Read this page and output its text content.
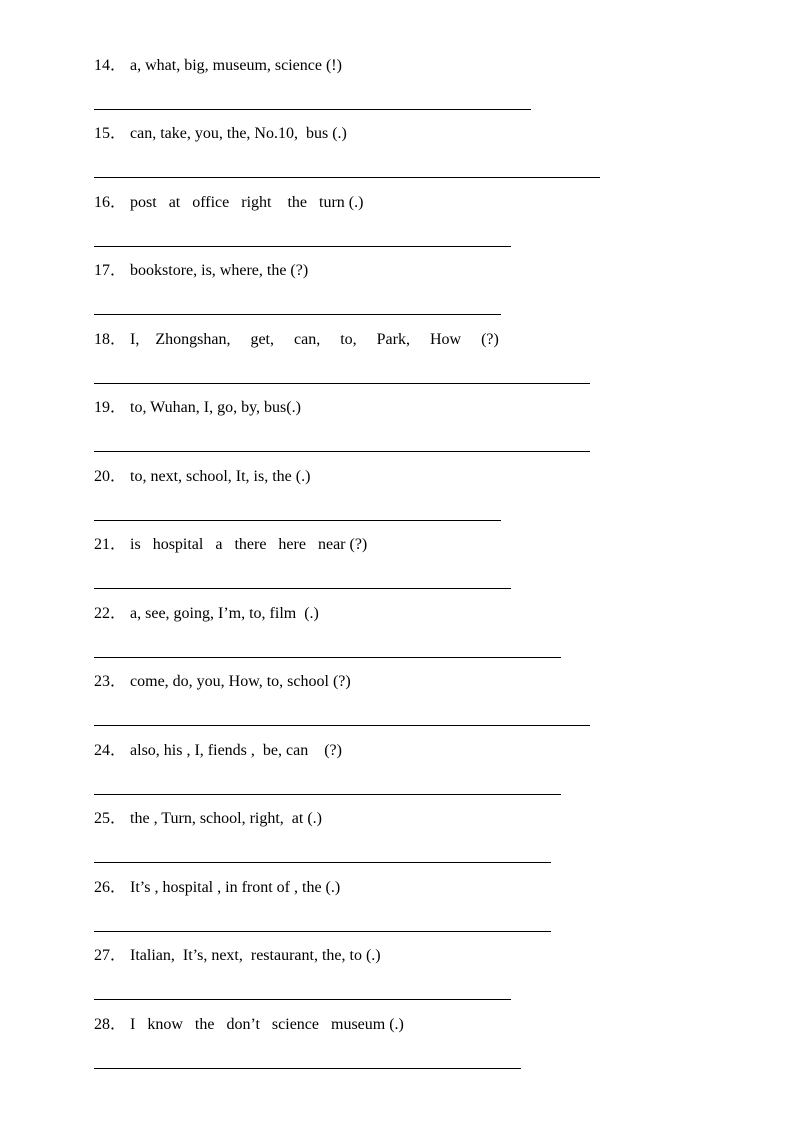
14． a, what, big, museum, science (!)
15． can, take, you, the, No.10,  bus (.)
16． post   at   office   right    the   turn (.)
17． bookstore, is, where, the (?)
18． I,    Zhongshan,     get,     can,     to,     Park,     How     (?)
19． to, Wuhan, I, go, by, bus(.)
20． to, next, school, It, is, the (.)
21． is   hospital   a   there   here   near (?)
22． a, see, going, I’m, to, film  (.)
23． come, do, you, How, to, school (?)
24． also, his , I, fiends ,  be, can    (?)
25． the , Turn, school, right,  at (.)
26． It’s , hospital , in front of , the (.)
27． Italian,  It’s, next,  restaurant, the, to (.)
28． I   know   the   don’t   science   museum (.)
